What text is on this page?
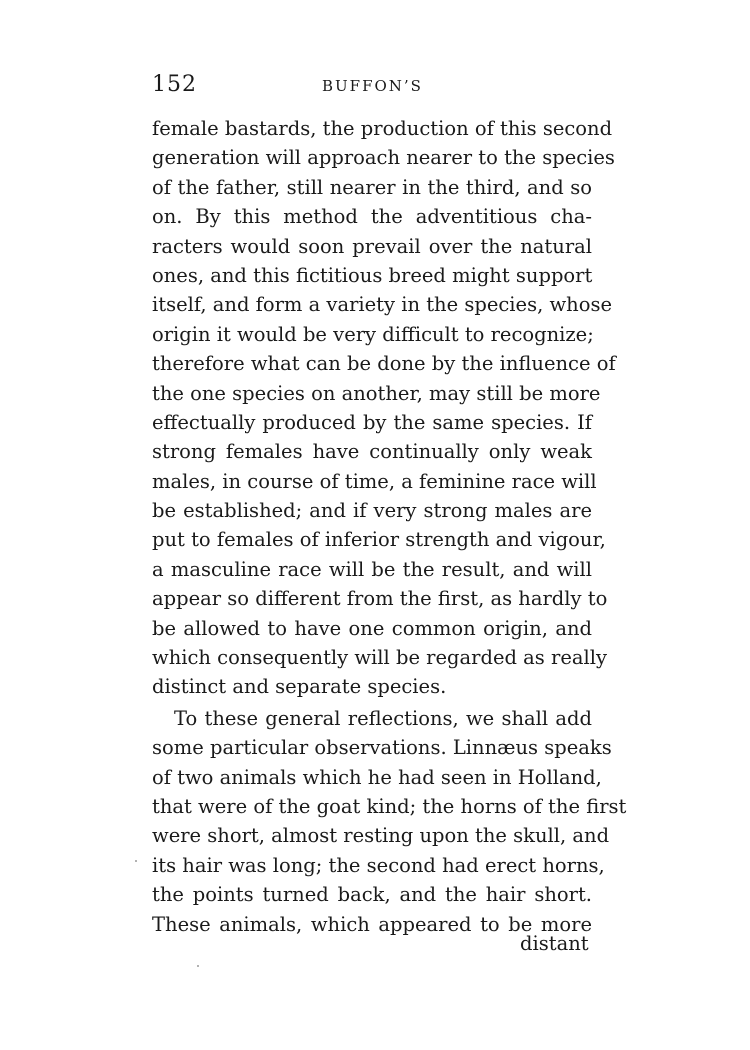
152	BUFFON’S
female bastards, the production of this second
generation will approach nearer to the species
of the father, still nearer in the third, and so
on. By this method the adventitious cha-
racters would soon prevail over the natural
ones, and this fictitious breed might support
itself, and form a variety in the species, whose
origin it would be very difficult to recognize;
therefore what can be done by the influence of
the one species on another, may still be more
effectually produced by the same species. If
strong females have continually only weak
males, in course of time, a feminine race will
be established; and if very strong males are
put to females of inferior strength and vigour,
a masculine race will be the result, and will
appear so different from the first, as hardly to
be allowed to have one common origin, and
which consequently will be regarded as really
distinct and separate species.
To these general reflections, we shall add
some particular observations. Linnæus speaks
of two animals which he had seen in Holland,
that were of the goat kind; the horns of the first
were short, almost resting upon the skull, and
its hair was long; the second had erect horns,
the points turned back, and the hair short.
These animals, which appeared to be more
distant
